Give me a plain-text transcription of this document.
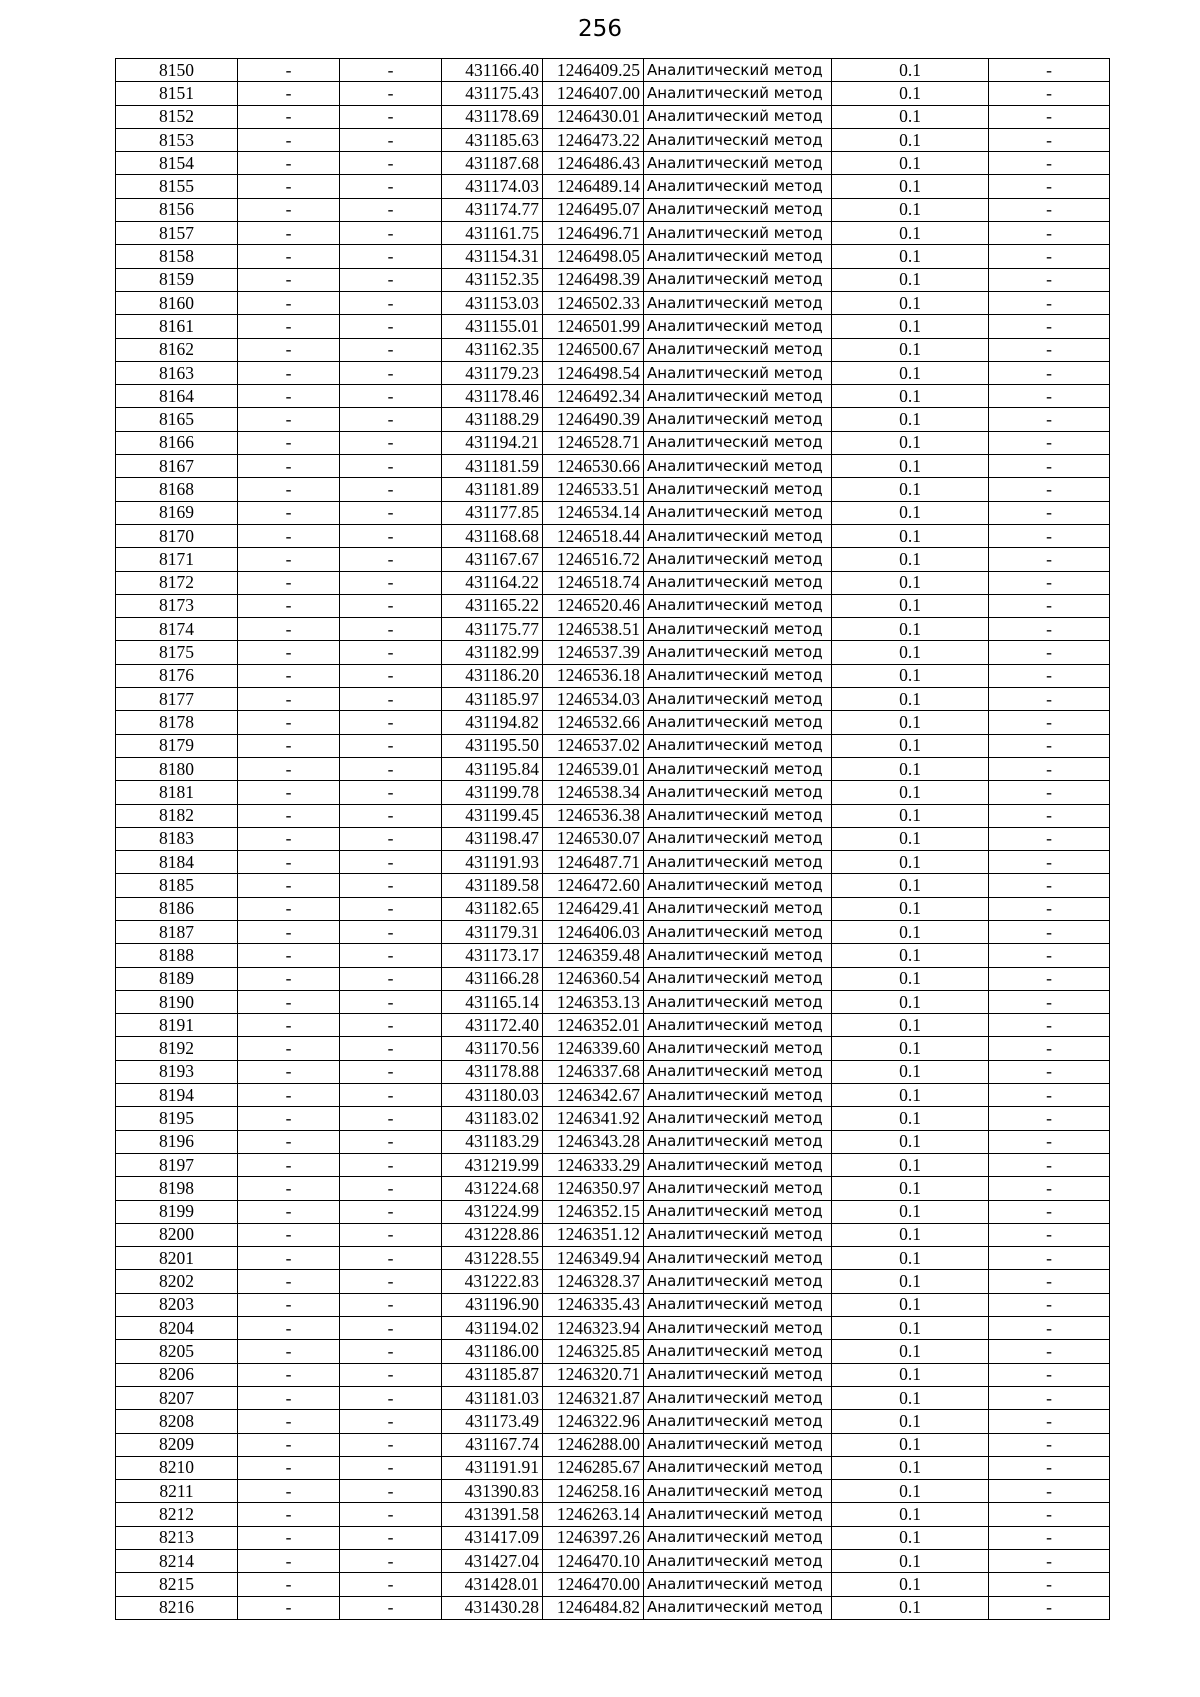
256
8150	-	-	431166.40	1246409.25	Аналитический метод	0.1	-
8151	-	-	431175.43	1246407.00	Аналитический метод	0.1	-
8152	-	-	431178.69	1246430.01	Аналитический метод	0.1	-
8153	-	-	431185.63	1246473.22	Аналитический метод	0.1	-
8154	-	-	431187.68	1246486.43	Аналитический метод	0.1	-
8155	-	-	431174.03	1246489.14	Аналитический метод	0.1	-
8156	-	-	431174.77	1246495.07	Аналитический метод	0.1	-
8157	-	-	431161.75	1246496.71	Аналитический метод	0.1	-
8158	-	-	431154.31	1246498.05	Аналитический метод	0.1	-
8159	-	-	431152.35	1246498.39	Аналитический метод	0.1	-
8160	-	-	431153.03	1246502.33	Аналитический метод	0.1	-
8161	-	-	431155.01	1246501.99	Аналитический метод	0.1	-
8162	-	-	431162.35	1246500.67	Аналитический метод	0.1	-
8163	-	-	431179.23	1246498.54	Аналитический метод	0.1	-
8164	-	-	431178.46	1246492.34	Аналитический метод	0.1	-
8165	-	-	431188.29	1246490.39	Аналитический метод	0.1	-
8166	-	-	431194.21	1246528.71	Аналитический метод	0.1	-
8167	-	-	431181.59	1246530.66	Аналитический метод	0.1	-
8168	-	-	431181.89	1246533.51	Аналитический метод	0.1	-
8169	-	-	431177.85	1246534.14	Аналитический метод	0.1	-
8170	-	-	431168.68	1246518.44	Аналитический метод	0.1	-
8171	-	-	431167.67	1246516.72	Аналитический метод	0.1	-
8172	-	-	431164.22	1246518.74	Аналитический метод	0.1	-
8173	-	-	431165.22	1246520.46	Аналитический метод	0.1	-
8174	-	-	431175.77	1246538.51	Аналитический метод	0.1	-
8175	-	-	431182.99	1246537.39	Аналитический метод	0.1	-
8176	-	-	431186.20	1246536.18	Аналитический метод	0.1	-
8177	-	-	431185.97	1246534.03	Аналитический метод	0.1	-
8178	-	-	431194.82	1246532.66	Аналитический метод	0.1	-
8179	-	-	431195.50	1246537.02	Аналитический метод	0.1	-
8180	-	-	431195.84	1246539.01	Аналитический метод	0.1	-
8181	-	-	431199.78	1246538.34	Аналитический метод	0.1	-
8182	-	-	431199.45	1246536.38	Аналитический метод	0.1	-
8183	-	-	431198.47	1246530.07	Аналитический метод	0.1	-
8184	-	-	431191.93	1246487.71	Аналитический метод	0.1	-
8185	-	-	431189.58	1246472.60	Аналитический метод	0.1	-
8186	-	-	431182.65	1246429.41	Аналитический метод	0.1	-
8187	-	-	431179.31	1246406.03	Аналитический метод	0.1	-
8188	-	-	431173.17	1246359.48	Аналитический метод	0.1	-
8189	-	-	431166.28	1246360.54	Аналитический метод	0.1	-
8190	-	-	431165.14	1246353.13	Аналитический метод	0.1	-
8191	-	-	431172.40	1246352.01	Аналитический метод	0.1	-
8192	-	-	431170.56	1246339.60	Аналитический метод	0.1	-
8193	-	-	431178.88	1246337.68	Аналитический метод	0.1	-
8194	-	-	431180.03	1246342.67	Аналитический метод	0.1	-
8195	-	-	431183.02	1246341.92	Аналитический метод	0.1	-
8196	-	-	431183.29	1246343.28	Аналитический метод	0.1	-
8197	-	-	431219.99	1246333.29	Аналитический метод	0.1	-
8198	-	-	431224.68	1246350.97	Аналитический метод	0.1	-
8199	-	-	431224.99	1246352.15	Аналитический метод	0.1	-
8200	-	-	431228.86	1246351.12	Аналитический метод	0.1	-
8201	-	-	431228.55	1246349.94	Аналитический метод	0.1	-
8202	-	-	431222.83	1246328.37	Аналитический метод	0.1	-
8203	-	-	431196.90	1246335.43	Аналитический метод	0.1	-
8204	-	-	431194.02	1246323.94	Аналитический метод	0.1	-
8205	-	-	431186.00	1246325.85	Аналитический метод	0.1	-
8206	-	-	431185.87	1246320.71	Аналитический метод	0.1	-
8207	-	-	431181.03	1246321.87	Аналитический метод	0.1	-
8208	-	-	431173.49	1246322.96	Аналитический метод	0.1	-
8209	-	-	431167.74	1246288.00	Аналитический метод	0.1	-
8210	-	-	431191.91	1246285.67	Аналитический метод	0.1	-
8211	-	-	431390.83	1246258.16	Аналитический метод	0.1	-
8212	-	-	431391.58	1246263.14	Аналитический метод	0.1	-
8213	-	-	431417.09	1246397.26	Аналитический метод	0.1	-
8214	-	-	431427.04	1246470.10	Аналитический метод	0.1	-
8215	-	-	431428.01	1246470.00	Аналитический метод	0.1	-
8216	-	-	431430.28	1246484.82	Аналитический метод	0.1	-
